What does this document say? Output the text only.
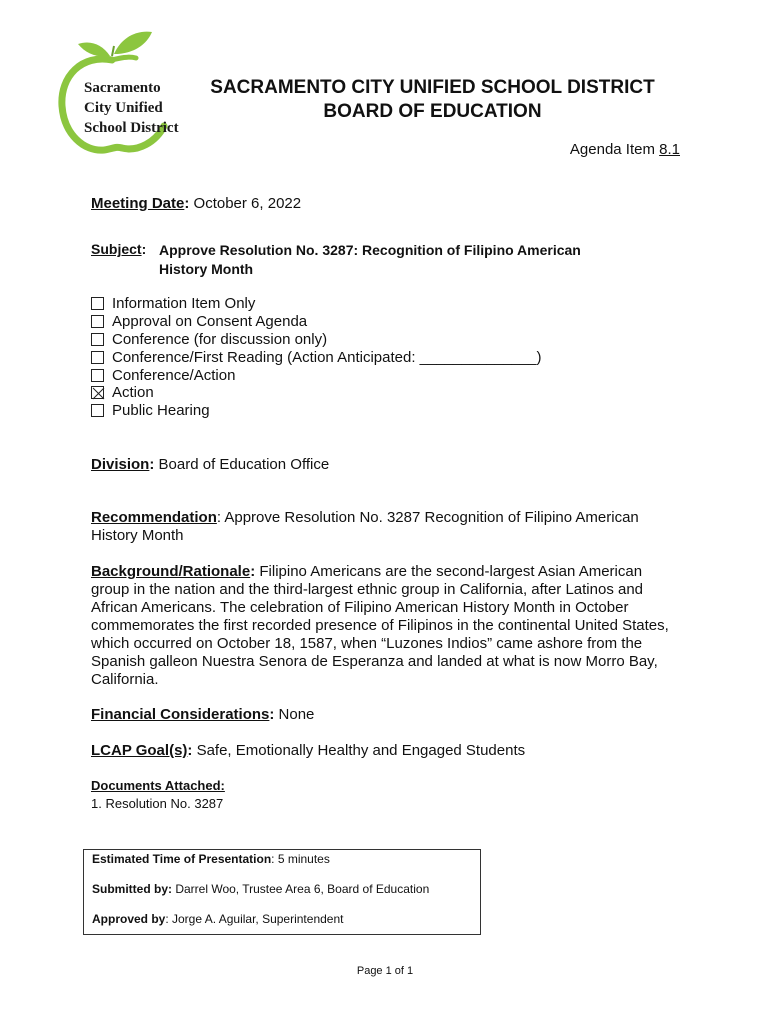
Sacramento
City Unified
School District
SACRAMENTO CITY UNIFIED SCHOOL DISTRICT
BOARD OF EDUCATION
Agenda Item 8.1
Meeting Date: October 6, 2022
Subject: Approve Resolution No. 3287: Recognition of Filipino American
History Month
Information Item Only
Approval on Consent Agenda
Conference (for discussion only)
Conference/First Reading (Action Anticipated: ______________)
Conference/Action
Action
Public Hearing
Division: Board of Education Office
Recommendation: Approve Resolution No. 3287 Recognition of Filipino American History Month
Background/Rationale: Filipino Americans are the second-largest Asian American group in the nation and the third-largest ethnic group in California, after Latinos and African Americans. The celebration of Filipino American History Month in October commemorates the first recorded presence of Filipinos in the continental United States, which occurred on October 18, 1587, when “Luzones Indios” came ashore from the Spanish galleon Nuestra Senora de Esperanza and landed at what is now Morro Bay, California.
Financial Considerations: None
LCAP Goal(s): Safe, Emotionally Healthy and Engaged Students
Documents Attached:
1. Resolution No. 3287
Estimated Time of Presentation: 5 minutes
Submitted by: Darrel Woo, Trustee Area 6, Board of Education
Approved by: Jorge A. Aguilar, Superintendent
Page 1 of 1
